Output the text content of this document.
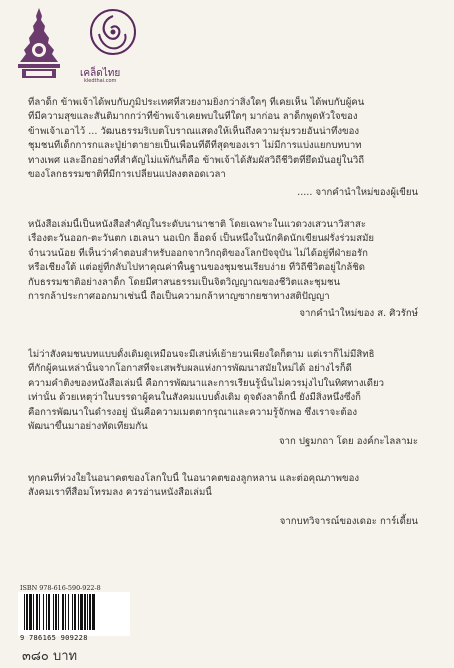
เคล็ดไทย
kledthai.com
ที่ลาด็ก ข้าพเจ้าได้พบกับภูมิประเทศที่สวยงามยิ่งกว่าสิ่งใดๆ ที่เคยเห็น ได้พบกับผู้คน
ที่มีความสุขและสันติมากกว่าที่ข้าพเจ้าเคยพบในที่ใดๆ มาก่อน ลาด็กพูดหัวใจของ
ข้าพเจ้าเอาไว้ ... วัฒนธรรมริเบตโบราณแสดงให้เห็นถึงความรุ่มรวยอันน่าทึ่งของ
ชุมชนที่เด็กการกและปู่ย่าตายายเป็นเพื่อนที่ดีที่สุดของเรา ไม่มีการแบ่งแยกบทบาท
ทางเพศ และอีกอย่างที่สำคัญไม่แพ้กันก็คือ ข้าพเจ้าได้สัมผัสวิถีชีวิตที่ยึดมั่นอยู่ในวิถี
ของโลกธรรมชาติที่มีการเปลี่ยนแปลงตลอดเวลา
..... จากคำนำใหม่ของผู้เขียน
หนังสือเล่มนี้เป็นหนังสือสำคัญในระดับนานาชาติ โดยเฉพาะในแวดวงเสวนาวิสาสะ
เรื่องตะวันออก-ตะวันตก เฮเลนา นอเบิก ฮ็อดจ์ เป็นหนึ่งในนักคิดนักเขียนฝรั่งร่วมสมัย
จำนวนน้อย ที่เห็นว่าคำตอบสำหรับออกจากวิกฤติของโลกปัจจุบัน ไม่ได้อยู่ที่ฝ่ายอรัก
หรือเชียงใต้ แต่อยู่ที่กลับไปหาคุณค่าพื้นฐานของชุมชนเรียบง่าย ที่วิถีชีวิตอยู่ใกล้ชิด
กับธรรมชาติอย่างลาด็ก โดยมีศาสนธรรมเป็นจิตวิญญาณของชีวิตและชุมชน
การกล้าประกาศออกมาเช่นนี้ ถือเป็นความกล้าหาญซากยชาทางสติปัญญา
จากคำนำใหม่ของ ส. ศิวรักษ์
ไม่ว่าสังคมชนบทแบบดั้งเดิมดูเหมือนจะมีเสน่ห์เย้ายวนเพียงใดก็ตาม แต่เราก็ไม่มีสิทธิ
ที่กักผู้คนเหล่านั้นจากโอกาสที่จะเสพรับผลแห่งการพัฒนาสมัยใหม่ได้ อย่างไรก็ดี
ความคำติงของหนังสือเล่มนี้ คือการพัฒนาและการเรียนรู้นั้นไม่ควรมุ่งไปในทิศทางเดียว
เท่านั้น ด้วยเหตุว่าในบรรดาผู้คนในสังคมแบบดั้งเดิม ดุจดังลาด็กนี้ ยังมีสิ่งหนึ่งซึ่งก็
คือการพัฒนาในดำรงอยู่ นั่นคือความเมตตากรุณาและความรู้จักพอ ซึ่งเราจะต้อง
พัฒนาขึ้นมาอย่างทัดเทียมกัน
จาก ปฐมกถา โดย องค์กะไลลามะ
ทุกคนที่ห่วงใยในอนาคตของโลกใบนี้ ในอนาคตของลูกหลาน และต่อคุณภาพของ
สังคมเราที่สื่อมโทรมลง ควรอ่านหนังสือเล่มนี้
จากบทวิจารณ์ของเดอะ การ์เดี้ยน
ISBN 978-616-590-922-8
9 786165 909228
๓๘๐ บาท
